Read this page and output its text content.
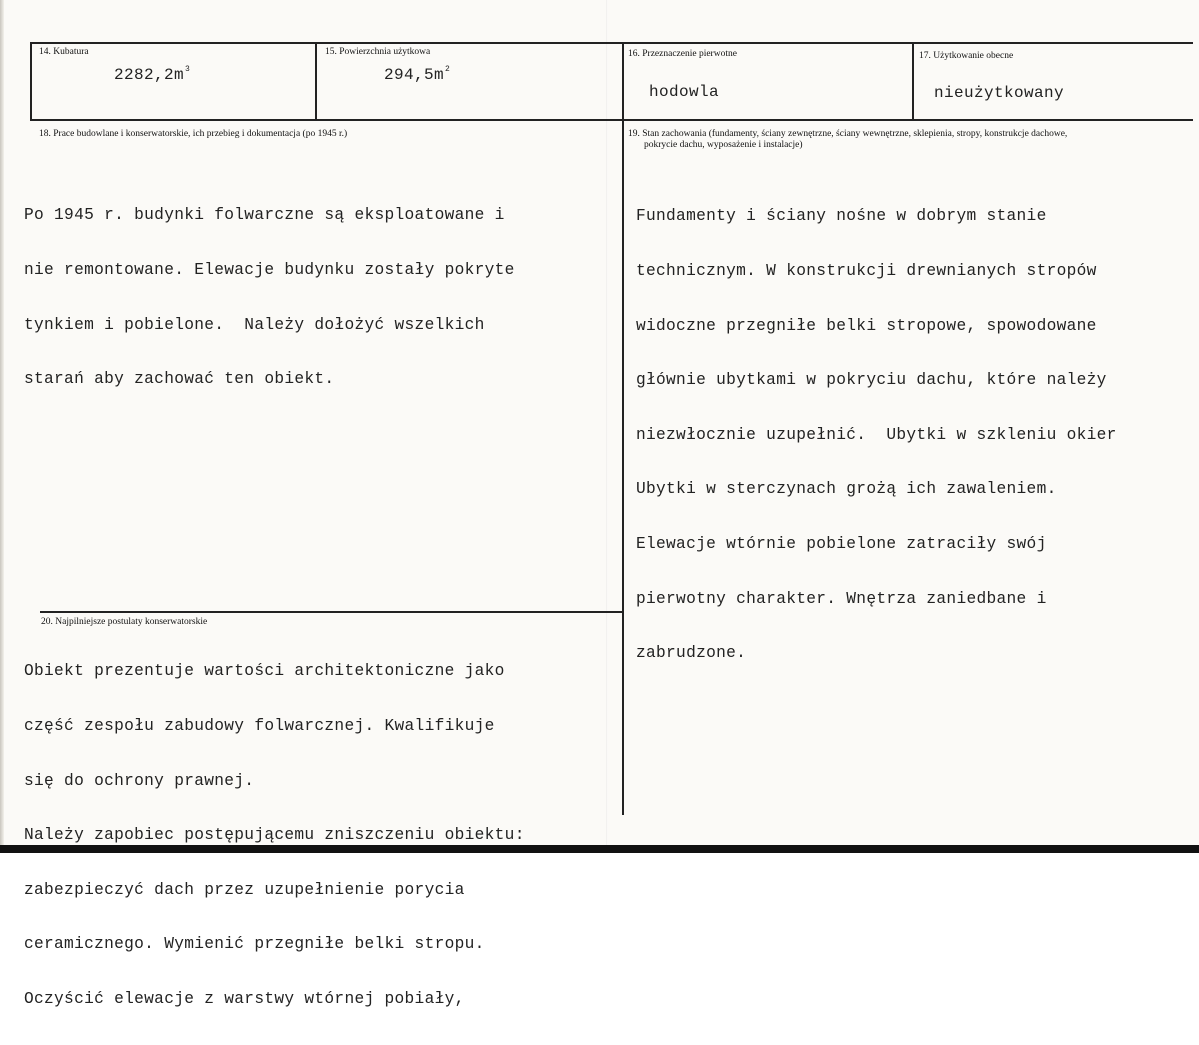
14. Kubatura
$2282,2m^3$
15. Powierzchnia użytkowa
$294,5m^2$
16. Przeznaczenie pierwotne
hodowla
17. Użytkowanie obecne
nieużytkowany
18. Prace budowlane i konserwatorskie, ich przebieg i dokumentacja (po 1945 r.)

Po 1945 r. budynki folwarczne są eksploatowane i

nie remontowane. Elewacje budynku zostały pokryte

tynkiem i pobielone.  Należy dołożyć wszelkich

starań aby zachować ten obiekt.

19. Stan zachowania (fundamenty, ściany zewnętrzne, ściany wewnętrzne, sklepienia, stropy, konstrukcje dachowe,
pokrycie dachu, wyposażenie i instalacje)

Fundamenty i ściany nośne w dobrym stanie

technicznym. W konstrukcji drewnianych stropów

widoczne przegniłe belki stropowe, spowodowane

głównie ubytkami w pokryciu dachu, które należy

niezwłocznie uzupełnić.  Ubytki w szkleniu okier

Ubytki w sterczynach grożą ich zawaleniem.

Elewacje wtórnie pobielone zatraciły swój

pierwotny charakter. Wnętrza zaniedbane i

zabrudzone.

20. Najpilniejsze postulaty konserwatorskie

Obiekt prezentuje wartości architektoniczne jako

część zespołu zabudowy folwarcznej. Kwalifikuje

się do ochrony prawnej.

Należy zapobiec postępującemu zniszczeniu obiektu:

zabezpieczyć dach przez uzupełnienie porycia

ceramicznego. Wymienić przegniłe belki stropu.

Oczyścić elewacje z warstwy wtórnej pobiały,
